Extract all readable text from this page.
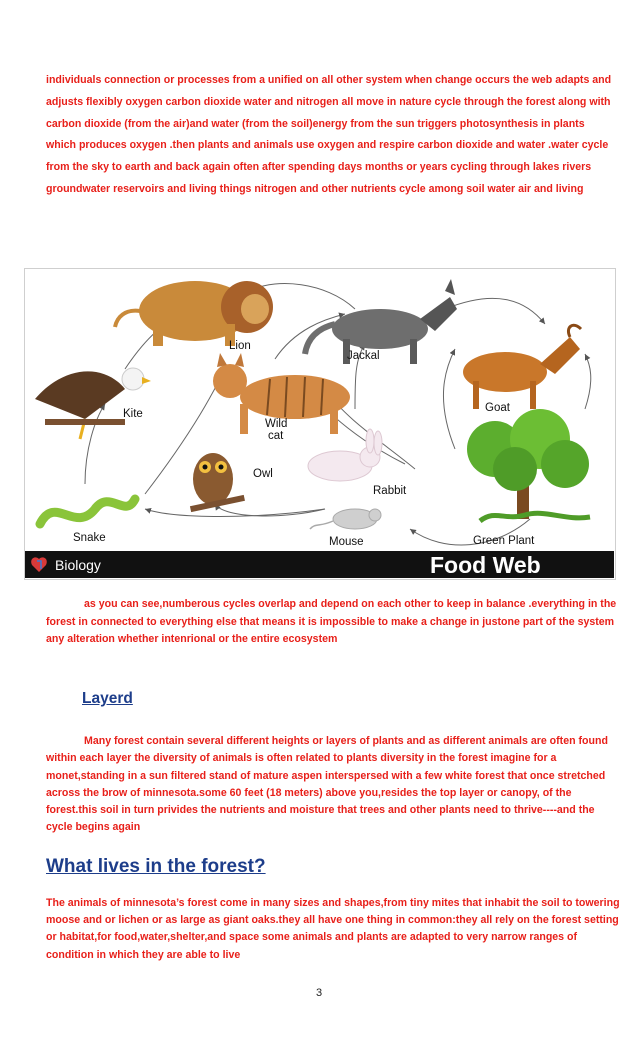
individuals connection or processes from a unified on all other system when change occurs the web adapts and adjusts flexibly oxygen carbon dioxide water and nitrogen all move in nature cycle through the forest along with carbon dioxide (from the air)and water (from the soil)energy from the sun triggers photosynthesis in plants which produces oxygen .then plants and animals use oxygen and respire carbon dioxide and water .water cycle from the sky to earth and back again often after spending days months or years cycling through lakes rivers groundwater reservoirs and living things nitrogen and other nutrients cycle among soil water air and living
Lion
Jackal
Goat
Kite
Wild
cat
Owl
Rabbit
Green Plant
Mouse
Snake
Biology	Food Web
as you can see,numberous cycles overlap and depend on each other to keep in balance .everything in the forest in connected to everything else that means it is impossible to make a change in justone part of the system any alteration whether intenrional or the entire ecosystem
Layerd
Many forest contain several different heights or layers of plants and as different animals are often found within each layer the diversity of animals is often related to plants diversity in the forest imagine for a monet,standing in a sun filtered stand of mature aspen interspersed with a few white forest that once stretched across the brow of minnesota.some 60 feet (18 meters) above you,resides the top layer or canopy, of the forest.this soil in turn privides the nutrients and moisture that trees and other plants need to thrive----and the cycle begins again
What lives in the forest?
The animals of minnesota’s forest come in many sizes and shapes,from tiny mites that inhabit the soil to towering moose and or lichen or as large as giant oaks.they all have one thing in common:they all rely on the forest setting or habitat,for food,water,shelter,and space some animals and plants are adapted to very narrow ranges of condition in which they are able to live
3
